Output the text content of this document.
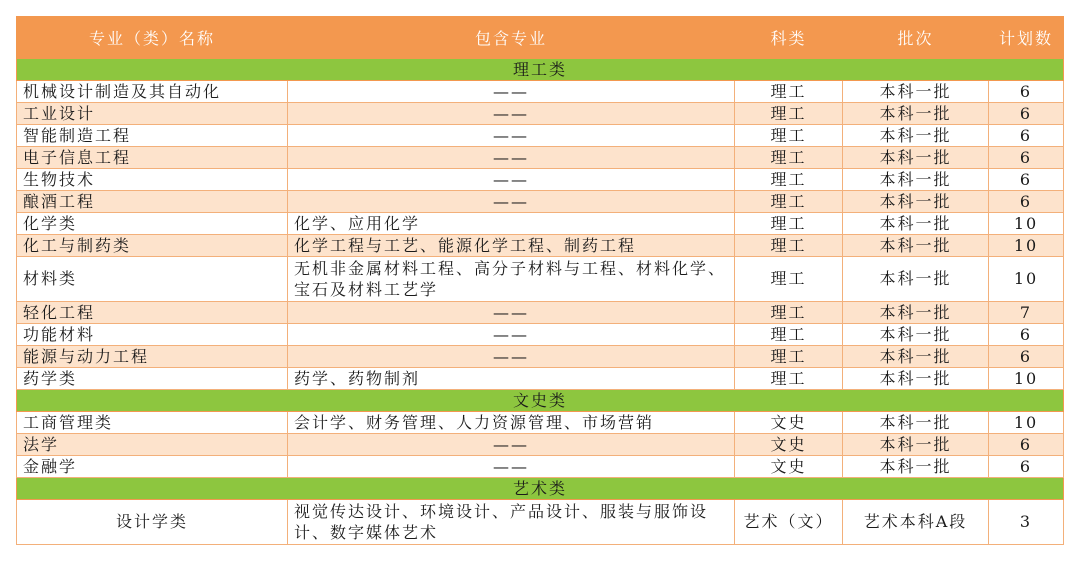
专业（类）名称	包含专业	科类	批次	计划数
理工类				
机械设计制造及其自动化	——	理工	本科一批	6
工业设计	——	理工	本科一批	6
智能制造工程	——	理工	本科一批	6
电子信息工程	——	理工	本科一批	6
生物技术	——	理工	本科一批	6
酿酒工程	——	理工	本科一批	6
化学类	化学、应用化学	理工	本科一批	10
化工与制药类	化学工程与工艺、能源化学工程、制药工程	理工	本科一批	10
材料类	无机非金属材料工程、高分子材料与工程、材料化学、宝石及材料工艺学	理工	本科一批	10
轻化工程	——	理工	本科一批	7
功能材料	——	理工	本科一批	6
能源与动力工程	——	理工	本科一批	6
药学类	药学、药物制剂	理工	本科一批	10
文史类				
工商管理类	会计学、财务管理、人力资源管理、市场营销	文史	本科一批	10
法学	——	文史	本科一批	6
金融学	——	文史	本科一批	6
艺术类				
设计学类	视觉传达设计、环境设计、产品设计、服装与服饰设计、数字媒体艺术	艺术（文）	艺术本科A段	3
